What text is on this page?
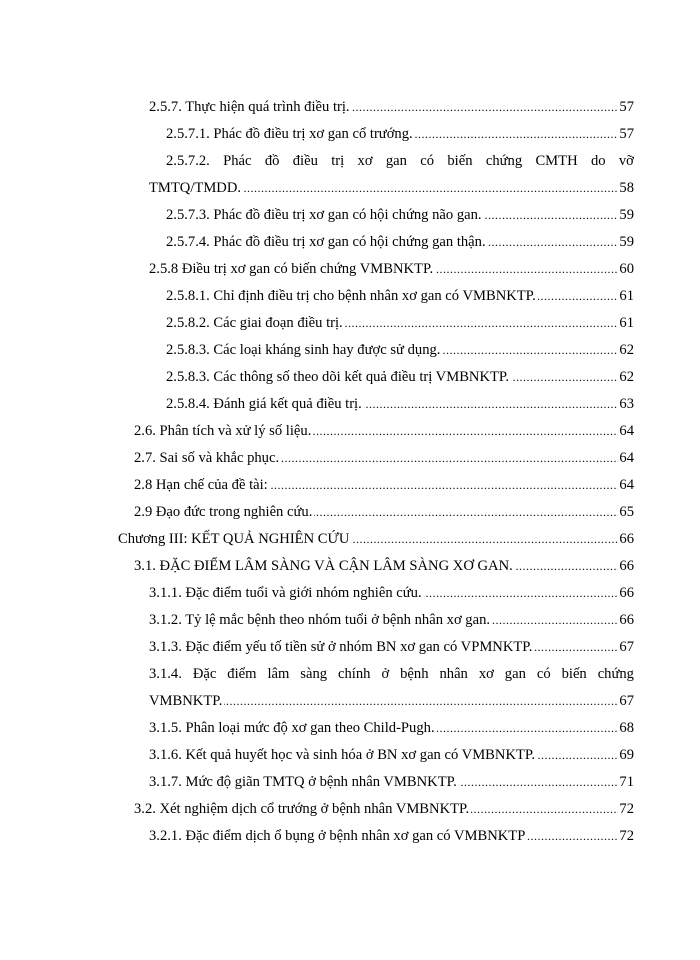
.....
2.5.7. Thực hiện quá trình điều trị.	57
.....
2.5.7.1. Phác đồ điều trị xơ gan cổ trướng.	57
2.5.7.2. Phác đồ điều trị xơ gan có biến chứng CMTH do vỡ
.....
TMTQ/TMDD.	58
.....
2.5.7.3. Phác đồ điều trị xơ gan có hội chứng não gan.	59
.....
2.5.7.4. Phác đồ điều trị xơ gan có hội chứng gan thận.	59
.....
2.5.8 Điều trị xơ gan có biến chứng VMBNKTP.	60
.....
2.5.8.1. Chỉ định điều trị cho bệnh nhân xơ gan có VMBNKTP.	61
.....
2.5.8.2. Các giai đoạn điều trị.	61
.....
2.5.8.3. Các loại kháng sinh hay được sử dụng.	62
.....
2.5.8.3. Các thông số theo dõi kết quả điều trị VMBNKTP.	62
.....
2.5.8.4. Đánh giá kết quả điều trị.	63
.....
2.6. Phân tích và xử lý số liệu.	64
.....
2.7. Sai số và khắc phục.	64
.....
2.8 Hạn chế của đề tài:	64
.....
2.9 Đạo đức trong nghiên cứu.	65
.....
Chương III: KẾT QUẢ NGHIÊN CỨU	66
.....
3.1. ĐẶC ĐIỂM LÂM SÀNG VÀ CẬN LÂM SÀNG XƠ GAN.	66
.....
3.1.1. Đặc điểm tuổi và giới nhóm nghiên cứu.	66
.....
3.1.2. Tỷ lệ mắc bệnh theo nhóm tuổi ở bệnh nhân xơ gan.	66
.....
3.1.3. Đặc điểm yếu tố tiền sử ở nhóm BN xơ gan có VPMNKTP.	67
3.1.4. Đặc điểm lâm sàng chính ở bệnh nhân xơ gan có biến chứng
.....
VMBNKTP.	67
.....
3.1.5. Phân loại mức độ xơ gan theo Child-Pugh.	68
.....
3.1.6. Kết quả huyết học và sinh hóa ở BN xơ gan có VMBNKTP.	69
.....
3.1.7. Mức độ giãn TMTQ ở bệnh nhân VMBNKTP.	71
.....
3.2. Xét nghiệm dịch cổ trướng ở bệnh nhân VMBNKTP.	72
.....
3.2.1. Đặc điểm dịch ổ bụng ở bệnh nhân xơ gan có VMBNKTP	72
